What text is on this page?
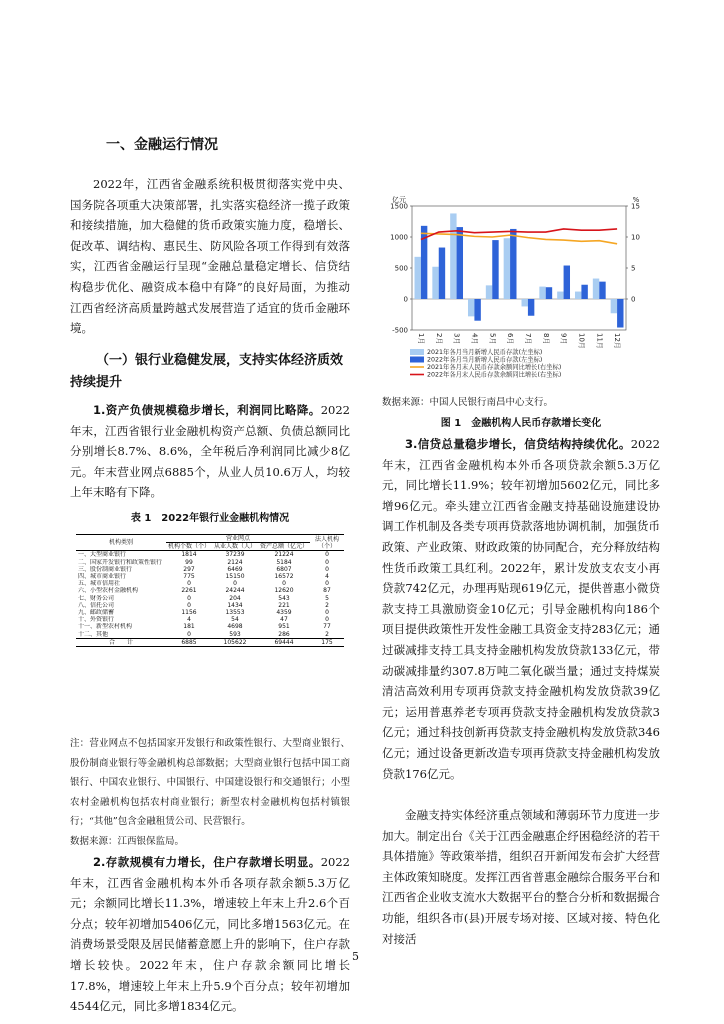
一、金融运行情况

2022年，江西省金融系统积极贯彻落实党中央、国务院各项重大决策部署，扎实落实稳经济一揽子政策和接续措施，加大稳健的货币政策实施力度，稳增长、促改革、调结构、惠民生、防风险各项工作得到有效落实，江西省金融运行呈现“金融总量稳定增长、信贷结构稳步优化、融资成本稳中有降”的良好局面，为推动江西省经济高质量跨越式发展营造了适宜的货币金融环境。

（一）银行业稳健发展，支持实体经济质效持续提升

1.资产负债规模稳步增长，利润同比略降。2022年末，江西省银行业金融机构资产总额、负债总额同比分别增长8.7%、8.6%，全年税后净利润同比减少8亿元。年末营业网点6885个，从业人员10.6万人，均较上年末略有下降。

表 1　2022年银行业金融机构情况
机构类别	营业网点			法人机构（个）
	机构个数（个）	从业人数（人）	资产总额（亿元）	
一、大型商业银行	1814	37239	21224	0
二、国家开发银行和政策性银行	99	2124	5184	0
三、股份制商业银行	297	6469	6807	0
四、城市商业银行	775	15150	16572	4
五、城市信用社	0	0	0	0
六、小型农村金融机构	2261	24244	12620	87
七、财务公司	0	204	543	5
八、信托公司	0	1434	221	2
九、邮政储蓄	1156	13553	4359	0
十、外资银行	4	54	47	0
十一、新型农村机构	181	4698	951	77
十二、其他	0	593	286	2
合　　计	6885	105622	69444	175

注：营业网点不包括国家开发银行和政策性银行、大型商业银行、股份制商业银行等金融机构总部数据；大型商业银行包括中国工商银行、中国农业银行、中国银行、中国建设银行和交通银行；小型农村金融机构包括农村商业银行；新型农村金融机构包括村镇银行；“其他”包含金融租赁公司、民营银行。

数据来源：江西银保监局。

2.存款规模有力增长，住户存款增长明显。2022年末，江西省金融机构本外币各项存款余额5.3万亿元；余额同比增长11.3%，增速较上年末上升2.6个百分点；较年初增加5406亿元，同比多增1563亿元。在消费场景受限及居民储蓄意愿上升的影响下，住户存款增长较快。2022年末，住户存款余额同比增长17.8%，增速较上年末上升5.9个百分点；较年初增加4544亿元，同比多增1834亿元。

亿元	%
1500
1000
500
0
-500
15
10
5
0
1月 2月 3月 4月 5月 6月 7月 8月 9月 10月 11月 12月
2021年各月当月新增人民币存款(左坐标)
2022年各月当月新增人民币存款(左坐标)
2021年各月末人民币存款余额同比增长(右坐标)
2022年各月末人民币存款余额同比增长(右坐标)
数据来源：中国人民银行南昌中心支行。
图 1　金融机构人民币存款增长变化

3.信贷总量稳步增长，信贷结构持续优化。2022年末，江西省金融机构本外币各项贷款余额5.3万亿元，同比增长11.9%；较年初增加5602亿元，同比多增96亿元。牵头建立江西省金融支持基础设施建设协调工作机制及各类专项再贷款落地协调机制，加强货币政策、产业政策、财政政策的协同配合，充分释放结构性货币政策工具红利。2022年，累计发放支农支小再贷款742亿元，办理再贴现619亿元，提供普惠小微贷款支持工具激励资金10亿元；引导金融机构向186个项目提供政策性开发性金融工具资金支持283亿元；通过碳减排支持工具支持金融机构发放贷款133亿元，带动碳减排量约307.8万吨二氧化碳当量；通过支持煤炭清洁高效利用专项再贷款支持金融机构发放贷款39亿元；运用普惠养老专项再贷款支持金融机构发放贷款3亿元；通过科技创新再贷款支持金融机构发放贷款346亿元；通过设备更新改造专项再贷款支持金融机构发放贷款176亿元。

金融支持实体经济重点领域和薄弱环节力度进一步加大。制定出台《关于江西金融惠企纾困稳经济的若干具体措施》等政策举措，组织召开新闻发布会扩大经营主体政策知晓度。发挥江西省普惠金融综合服务平台和江西省企业收支流水大数据平台的整合分析和数据撮合功能，组织各市(县)开展专场对接、区域对接、特色化对接活

5
